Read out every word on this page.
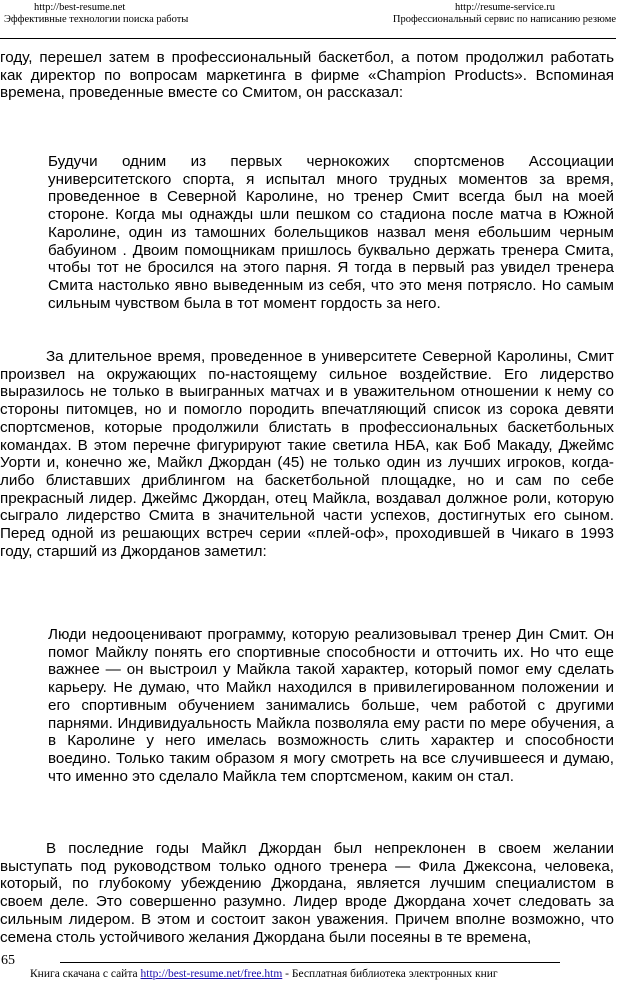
http://best-resume.net
Эффективные технологии поиска работы
http://resume-service.ru
Профессиональный сервис по написанию резюме

году, перешел затем в профессиональный баскетбол, а потом продолжил работать как директор по вопросам маркетинга в фирме «Champion Products». Вспоминая времена, проведенные вместе со Смитом, он рассказал:

Будучи одним из первых чернокожих спортсменов Ассоциации университетского спорта, я испытал много трудных моментов за время, проведенное в Северной Каролине, но тренер Смит всегда был на моей стороне. Когда мы однажды шли пешком со стадиона после матча в Южной Каролине, один из тамошних болельщиков назвал меня ебольшим черным бабуином . Двоим помощникам пришлось буквально держать тренера Смита, чтобы тот не бросился на этого парня. Я тогда в первый раз увидел тренера Смита настолько явно выведенным из себя, что это меня потрясло. Но самым сильным чувством была в тот момент гордость за него.

За длительное время, проведенное в университете Северной Каролины, Смит произвел на окружающих по-настоящему сильное воздействие. Его лидерство выразилось не только в выигранных матчах и в уважительном отношении к нему со стороны питомцев, но и помогло породить впечатляющий список из сорока девяти спортсменов, которые продолжили блистать в профессиональных баскетбольных командах. В этом перечне фигурируют такие светила НБА, как Боб Макаду, Джеймс Уорти и, конечно же, Майкл Джордан (45) не только один из лучших игроков, когда-либо блиставших дриблингом на баскетбольной площадке, но и сам по себе прекрасный лидер. Джеймс Джордан, отец Майкла, воздавал должное роли, которую сыграло лидерство Смита в значительной части успехов, достигнутых его сыном. Перед одной из решающих встреч серии «плей-оф», проходившей в Чикаго в 1993 году, старший из Джорданов заметил:

Люди недооценивают программу, которую реализовывал тренер Дин Смит. Он помог Майклу понять его спортивные способности и отточить их. Но что еще важнее — он выстроил у Майкла такой характер, который помог ему сделать карьеру. Не думаю, что Майкл находился в привилегированном положении и его спортивным обучением занимались больше, чем работой с другими парнями. Индивидуальность Майкла позволяла ему расти по мере обучения, а в Каролине у него имелась возможность слить характер и способности воедино. Только таким образом я могу смотреть на все случившееся и думаю, что именно это сделало Майкла тем спортсменом, каким он стал.

В последние годы Майкл Джордан был непреклонен в своем желании выступать под руководством только одного тренера — Фила Джексона, человека, который, по глубокому убеждению Джордана, является лучшим специалистом в своем деле. Это совершенно разумно. Лидер вроде Джордана хочет следовать за сильным лидером. В этом и состоит закон уважения. Причем вполне возможно, что семена столь устойчивого желания Джордана были посеяны в те времена,

65
Книга скачана с сайта http://best-resume.net/free.htm - Бесплатная библиотека электронных книг
